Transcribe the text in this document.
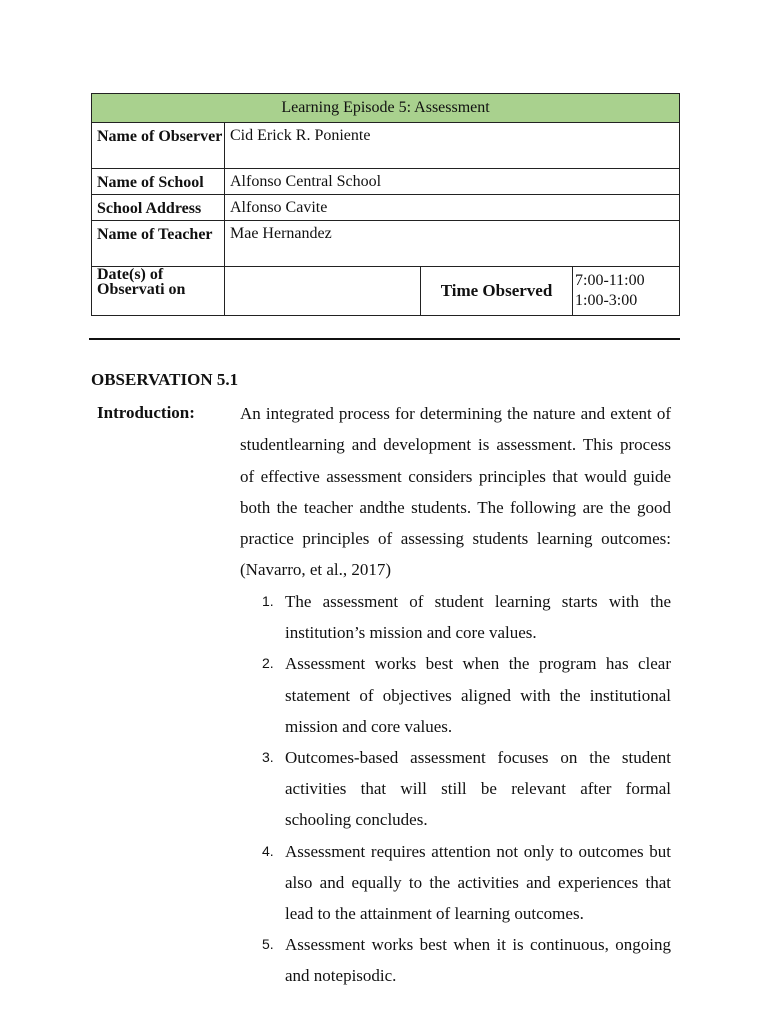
Learning Episode 5: Assessment			
Name of Observer	Cid Erick R. Poniente		
Name of School	Alfonso Central School		
School Address	Alfonso Cavite		
Name of Teacher	Mae Hernandez		
Date(s) of Observati on		Time Observed	7:00-11:00
1:00-3:00
OBSERVATION 5.1
Introduction:	An integrated process for determining the nature and extent of studentlearning and development is assessment. This process of effective assessment considers principles that would guide both the teacher andthe students. The following are the good practice principles of assessing students learning outcomes: (Navarro, et al., 2017)
1. The assessment of student learning starts with the institution’s mission and core values.
2. Assessment works best when the program has clear statement of objectives aligned with the institutional mission and core values.
3. Outcomes-based assessment focuses on the student activities that will still be relevant after formal schooling concludes.
4. Assessment requires attention not only to outcomes but also and equally to the activities and experiences that lead to the attainment of learning outcomes.
5. Assessment works best when it is continuous, ongoing and notepisodic.
